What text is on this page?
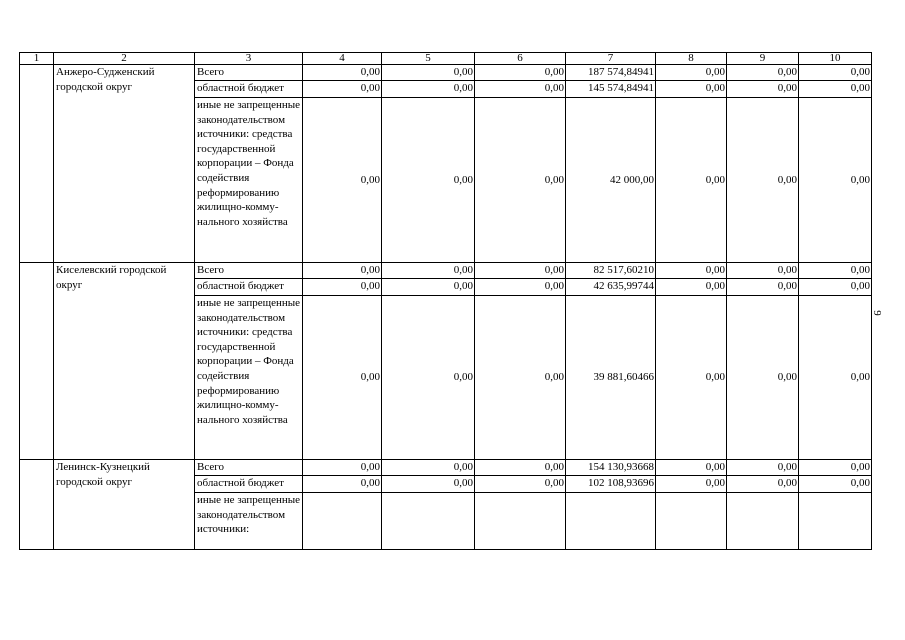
1	2	3	4	5	6	7	8	9	10
	Анжеро-Судженский городской округ	Всего	0,00	0,00	0,00	187 574,84941	0,00	0,00	0,00
		областной бюджет	0,00	0,00	0,00	145 574,84941	0,00	0,00	0,00
		иные не запрещенные законодательством источники: средства государственной корпорации – Фонда содействия реформированию жилищно-комму-нального хозяйства	0,00	0,00	0,00	42 000,00	0,00	0,00	0,00
	Киселевский городской округ	Всего	0,00	0,00	0,00	82 517,60210	0,00	0,00	0,00
		областной бюджет	0,00	0,00	0,00	42 635,99744	0,00	0,00	0,00
		иные не запрещенные законодательством источники: средства государственной корпорации – Фонда содействия реформированию жилищно-комму-нального хозяйства	0,00	0,00	0,00	39 881,60466	0,00	0,00	0,00
	Ленинск-Кузнецкий городской округ	Всего	0,00	0,00	0,00	154 130,93668	0,00	0,00	0,00
		областной бюджет	0,00	0,00	0,00	102 108,93696	0,00	0,00	0,00
		иные не запрещенные законодательством источники:							
9
